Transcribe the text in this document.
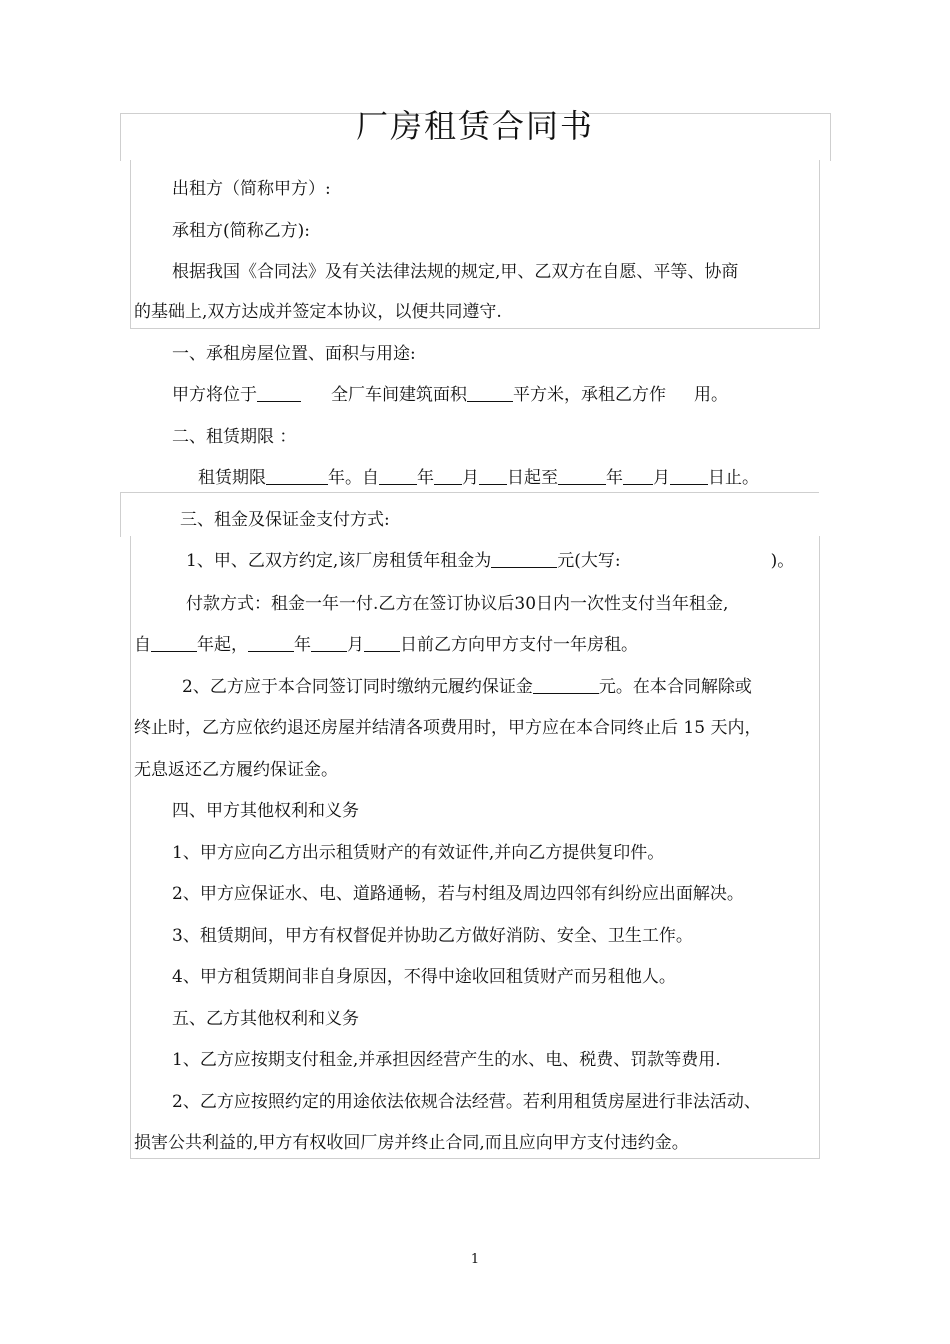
厂房租赁合同书
出租方（简称甲方）:
承租方(简称乙方):
根据我国《合同法》及有关法律法规的规定,甲、乙双方在自愿、平等、协商
的基础上,双方达成并签定本协议，以便共同遵守.
一、承租房屋位置、面积与用途:
甲方将位于	全厂车间建筑面积	平方米，承租乙方作 用。
二、租赁期限 ：
租赁期限	年。自 年 月 日起至	年 月 日止。
三、租金及保证金支付方式:
1、甲、乙双方约定,该厂房租赁年租金为	元(大写:	)。
付款方式：租金一年一付.乙方在签订协议后30日内一次性支付当年租金,
自	年起，	年 月 日前乙方向甲方支付一年房租。
2、乙方应于本合同签订同时缴纳元履约保证金	元。在本合同解除或
终止时，乙方应依约退还房屋并结清各项费用时，甲方应在本合同终止后 15 天内，
无息返还乙方履约保证金。
四、甲方其他权利和义务
1、甲方应向乙方出示租赁财产的有效证件,并向乙方提供复印件。
2、甲方应保证水、电、道路通畅，若与村组及周边四邻有纠纷应出面解决。
3、租赁期间，甲方有权督促并协助乙方做好消防、安全、卫生工作。
4、甲方租赁期间非自身原因，不得中途收回租赁财产而另租他人。
五、乙方其他权利和义务
1、乙方应按期支付租金,并承担因经营产生的水、电、税费、罚款等费用.
2、乙方应按照约定的用途依法依规合法经营。若利用租赁房屋进行非法活动、
损害公共利益的,甲方有权收回厂房并终止合同,而且应向甲方支付违约金。
1
